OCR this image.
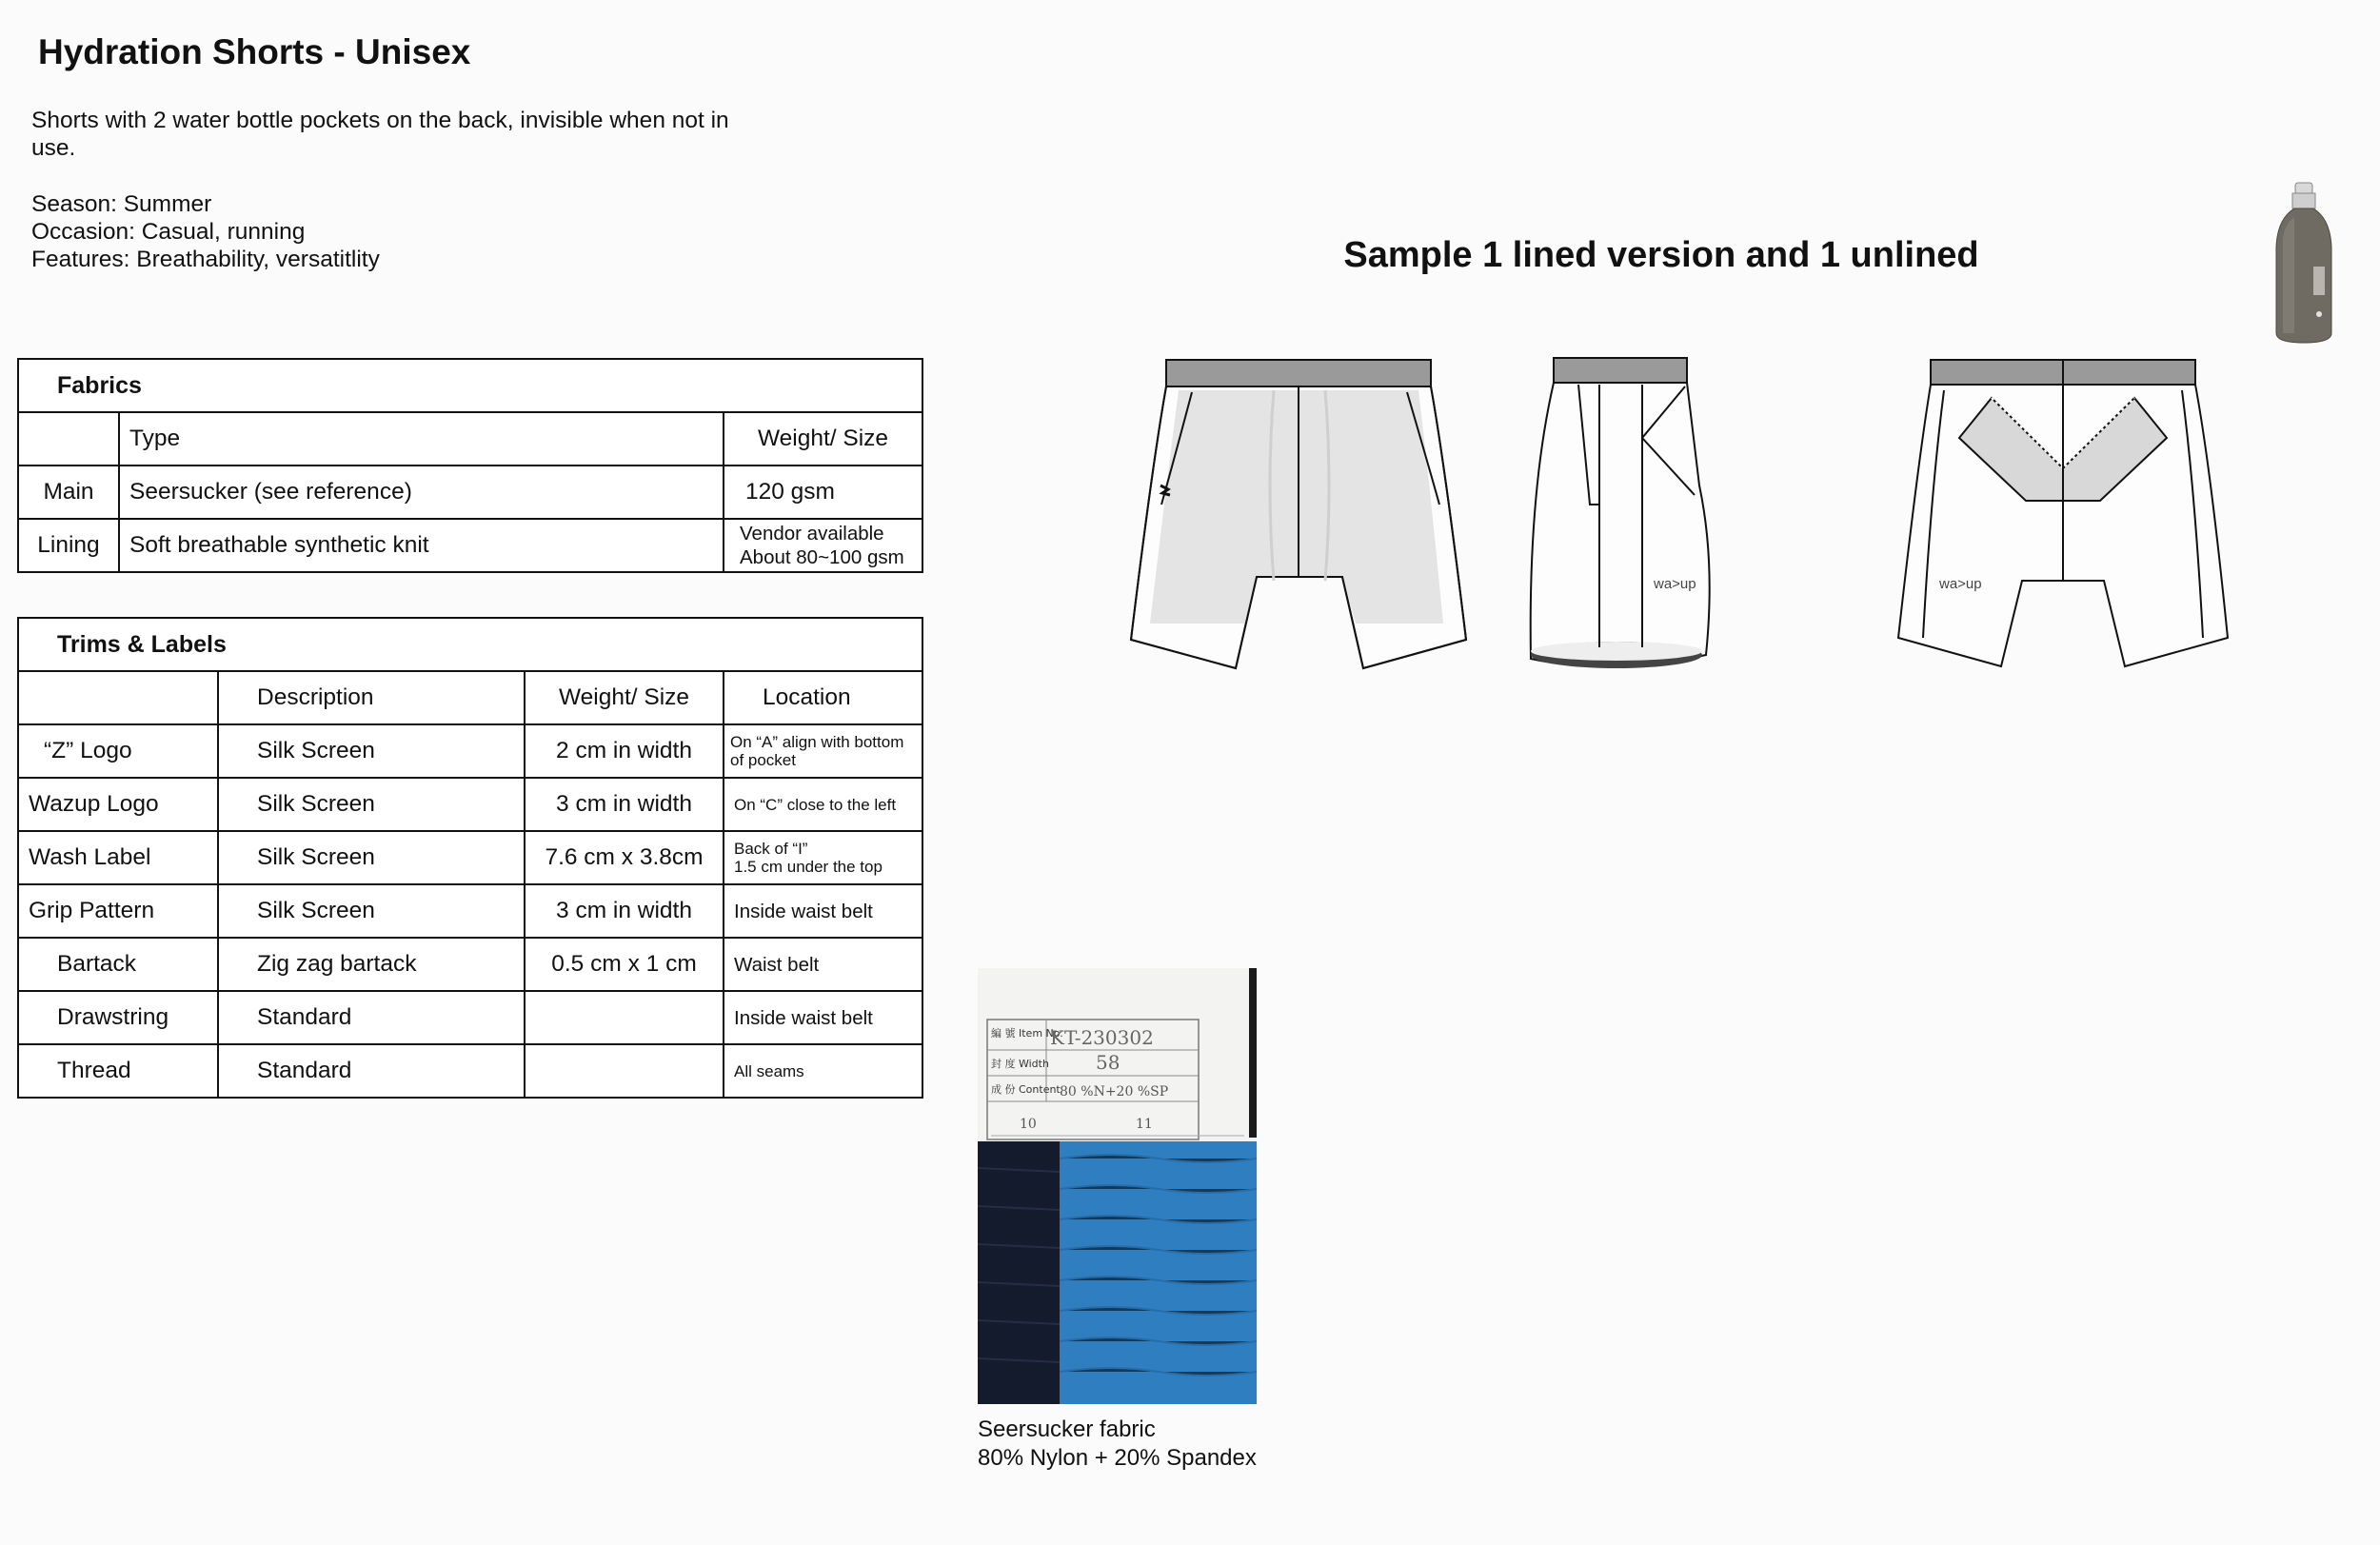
Hydration Shorts - Unisex
Shorts with 2 water bottle pockets on the back, invisible when not in use.
Season: Summer
Occasion: Casual, running
Features: Breathability, versatitlity
Fabrics		
	Type	Weight/ Size
Main	Seersucker (see reference)	120 gsm
Lining	Soft breathable synthetic knit	Vendor available
About 80~100 gsm
Trims & Labels			
	Description	Weight/ Size	Location
“Z” Logo	Silk Screen	2 cm in width	On “A” align with bottom of pocket
Wazup Logo	Silk Screen	3 cm in width	On “C” close to the left
Wash Label	Silk Screen	7.6 cm x 3.8cm	Back of “I”
1.5 cm under the top

Grip Pattern	Silk Screen	3 cm in width	Inside waist belt
Bartack	Zig zag bartack	0.5 cm x 1 cm	Waist belt
Drawstring	Standard		Inside waist belt
Thread	Standard		All seams
Sample 1 lined version and 1 unlined
wa>up	wa>up
編 號 Item No.
KT-230302
封 度 Width 58
成 份 Content 80 %N+20 %SP
10	11
Seersucker fabric
80% Nylon + 20% Spandex
